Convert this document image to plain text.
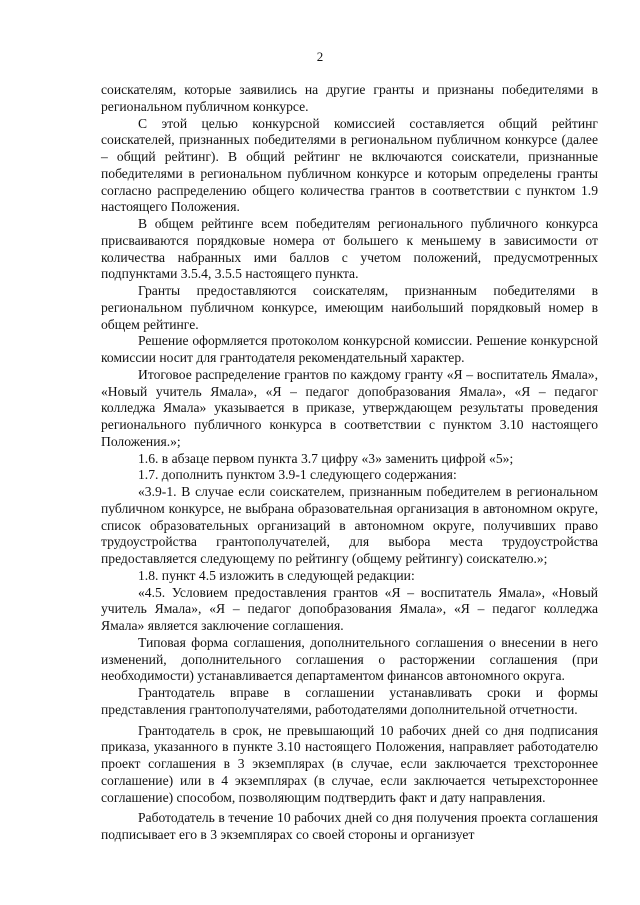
2

соискателям, которые заявились на другие гранты и признаны победителями в региональном публичном конкурсе.

С этой целью конкурсной комиссией составляется общий рейтинг соискателей, признанных победителями в региональном публичном конкурсе (далее – общий рейтинг). В общий рейтинг не включаются соискатели, признанные победителями в региональном публичном конкурсе и которым определены гранты согласно распределению общего количества грантов в соответствии с пунктом 1.9 настоящего Положения.

В общем рейтинге всем победителям регионального публичного конкурса присваиваются порядковые номера от большего к меньшему в зависимости от количества набранных ими баллов с учетом положений, предусмотренных подпунктами 3.5.4, 3.5.5 настоящего пункта.

Гранты предоставляются соискателям, признанным победителями в региональном публичном конкурсе, имеющим наибольший порядковый номер в общем рейтинге.

Решение оформляется протоколом конкурсной комиссии. Решение конкурсной комиссии носит для грантодателя рекомендательный характер.

Итоговое распределение грантов по каждому гранту «Я – воспитатель Ямала», «Новый учитель Ямала», «Я – педагог допобразования Ямала», «Я – педагог колледжа Ямала» указывается в приказе, утверждающем результаты проведения регионального публичного конкурса в соответствии с пунктом 3.10 настоящего Положения.»;

1.6. в абзаце первом пункта 3.7 цифру «3» заменить цифрой «5»;

1.7. дополнить пунктом 3.9-1 следующего содержания:

«3.9-1. В случае если соискателем, признанным победителем в региональном публичном конкурсе, не выбрана образовательная организация в автономном округе, список образовательных организаций в автономном округе, получивших право трудоустройства грантополучателей, для выбора места трудоустройства предоставляется следующему по рейтингу (общему рейтингу) соискателю.»;

1.8. пункт 4.5 изложить в следующей редакции:

«4.5. Условием предоставления грантов «Я – воспитатель Ямала», «Новый учитель Ямала», «Я – педагог допобразования Ямала», «Я – педагог колледжа Ямала» является заключение соглашения.

Типовая форма соглашения, дополнительного соглашения о внесении в него изменений, дополнительного соглашения о расторжении соглашения (при необходимости) устанавливается департаментом финансов автономного округа.

Грантодатель вправе в соглашении устанавливать сроки и формы представления грантополучателями, работодателями дополнительной отчетности.

Грантодатель в срок, не превышающий 10 рабочих дней со дня подписания приказа, указанного в пункте 3.10 настоящего Положения, направляет работодателю проект соглашения в 3 экземплярах (в случае, если заключается трехстороннее соглашение) или в 4 экземплярах (в случае, если заключается четырехстороннее соглашение) способом, позволяющим подтвердить факт и дату направления.

Работодатель в течение 10 рабочих дней со дня получения проекта соглашения подписывает его в 3 экземплярах со своей стороны и организует
